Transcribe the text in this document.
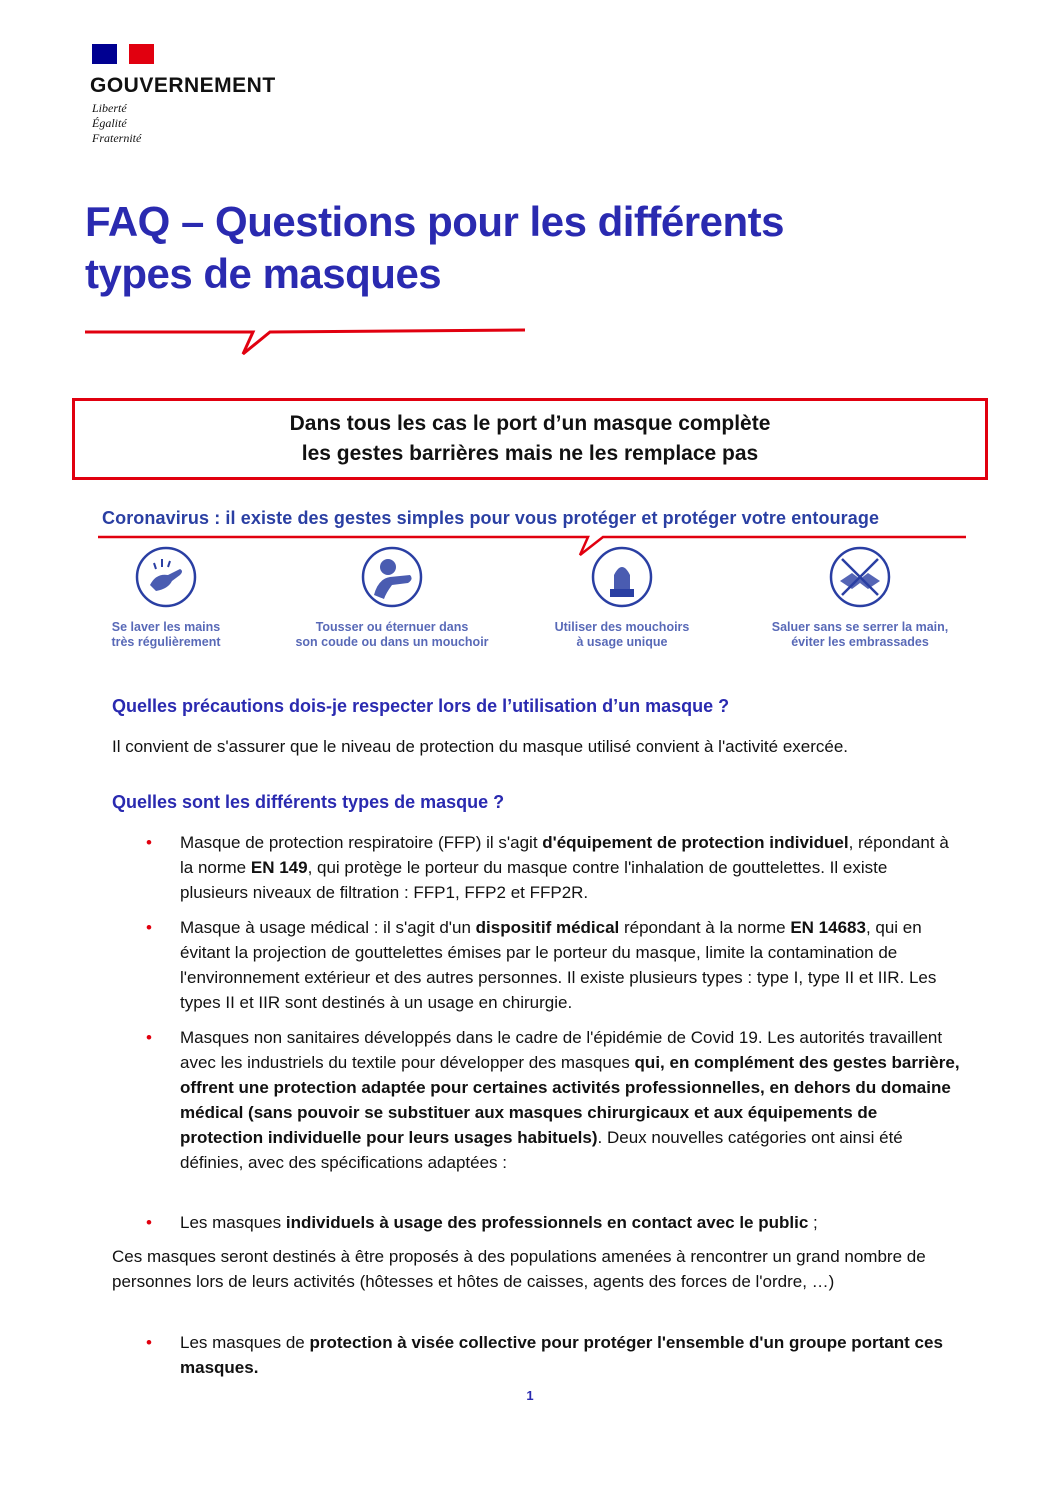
GOUVERNEMENT
Liberté
Égalité
Fraternité
FAQ – Questions pour les différents
types de masques
Dans tous les cas le port d’un masque complète
les gestes barrières mais ne les remplace pas
Coronavirus : il existe des gestes simples pour vous protéger et protéger votre entourage
Se laver les mains
très régulièrement
Tousser ou éternuer dans
son coude ou dans un mouchoir
Utiliser des mouchoirs
à usage unique
Saluer sans se serrer la main,
éviter les embrassades
Quelles précautions dois-je respecter lors de l’utilisation d’un masque ?
Il convient de s'assurer que le niveau de protection du masque utilisé convient à l'activité exercée.
Quelles sont les différents types de masque ?
•	Masque de protection respiratoire (FFP) il s'agit d'équipement de protection individuel, répondant à la norme EN 149, qui protège le porteur du masque contre l'inhalation de gouttelettes. Il existe plusieurs niveaux de filtration : FFP1, FFP2 et FFP2R.
•	Masque à usage médical : il s'agit d'un dispositif médical répondant à la norme EN 14683, qui en évitant la projection de gouttelettes émises par le porteur du masque, limite la contamination de l'environnement extérieur et des autres personnes. Il existe plusieurs types : type I, type II et IIR. Les types II et IIR sont destinés à un usage en chirurgie.
•	Masques non sanitaires développés dans le cadre de l'épidémie de Covid 19. Les autorités travaillent avec les industriels du textile pour développer des masques qui, en complément des gestes barrière, offrent une protection adaptée pour certaines activités professionnelles, en dehors du domaine médical (sans pouvoir se substituer aux masques chirurgicaux et aux équipements de protection individuelle pour leurs usages habituels). Deux nouvelles catégories ont ainsi été définies, avec des spécifications adaptées :
•	Les masques individuels à usage des professionnels en contact avec le public ;
Ces masques seront destinés à être proposés à des populations amenées à rencontrer un grand nombre de personnes lors de leurs activités (hôtesses et hôtes de caisses, agents des forces de l'ordre, …)
•	Les masques de protection à visée collective pour protéger l'ensemble d'un groupe portant ces masques.
1
